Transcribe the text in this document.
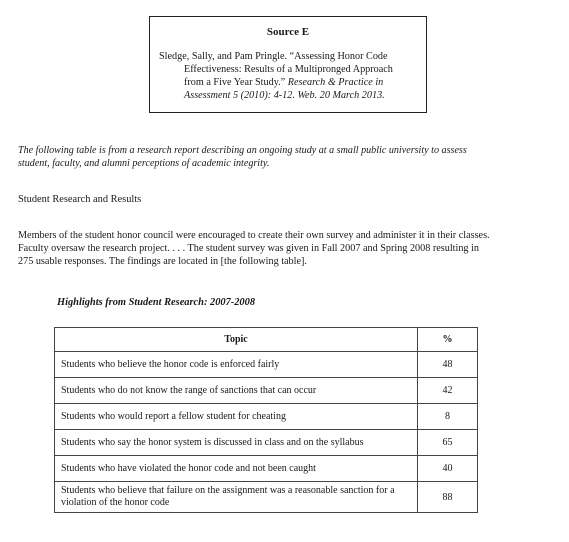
Source E
Sledge, Sally, and Pam Pringle. “Assessing Honor Code
Effectiveness: Results of a Multipronged Approach
from a Five Year Study.” Research & Practice in
Assessment 5 (2010): 4-12. Web. 20 March 2013.
The following table is from a research report describing an ongoing study at a small public university to assess
student, faculty, and alumni perceptions of academic integrity.
Student Research and Results
Members of the student honor council were encouraged to create their own survey and administer it in their classes.
Faculty oversaw the research project. . . . The student survey was given in Fall 2007 and Spring 2008 resulting in
275 usable responses. The findings are located in [the following table].
Highlights from Student Research: 2007-2008
Topic	%
Students who believe the honor code is enforced fairly	48
Students who do not know the range of sanctions that can occur	42
Students who would report a fellow student for cheating	8
Students who say the honor system is discussed in class and on the syllabus	65
Students who have violated the honor code and not been caught	40
Students who believe that failure on the assignment was a reasonable sanction for a violation of the honor code	88
